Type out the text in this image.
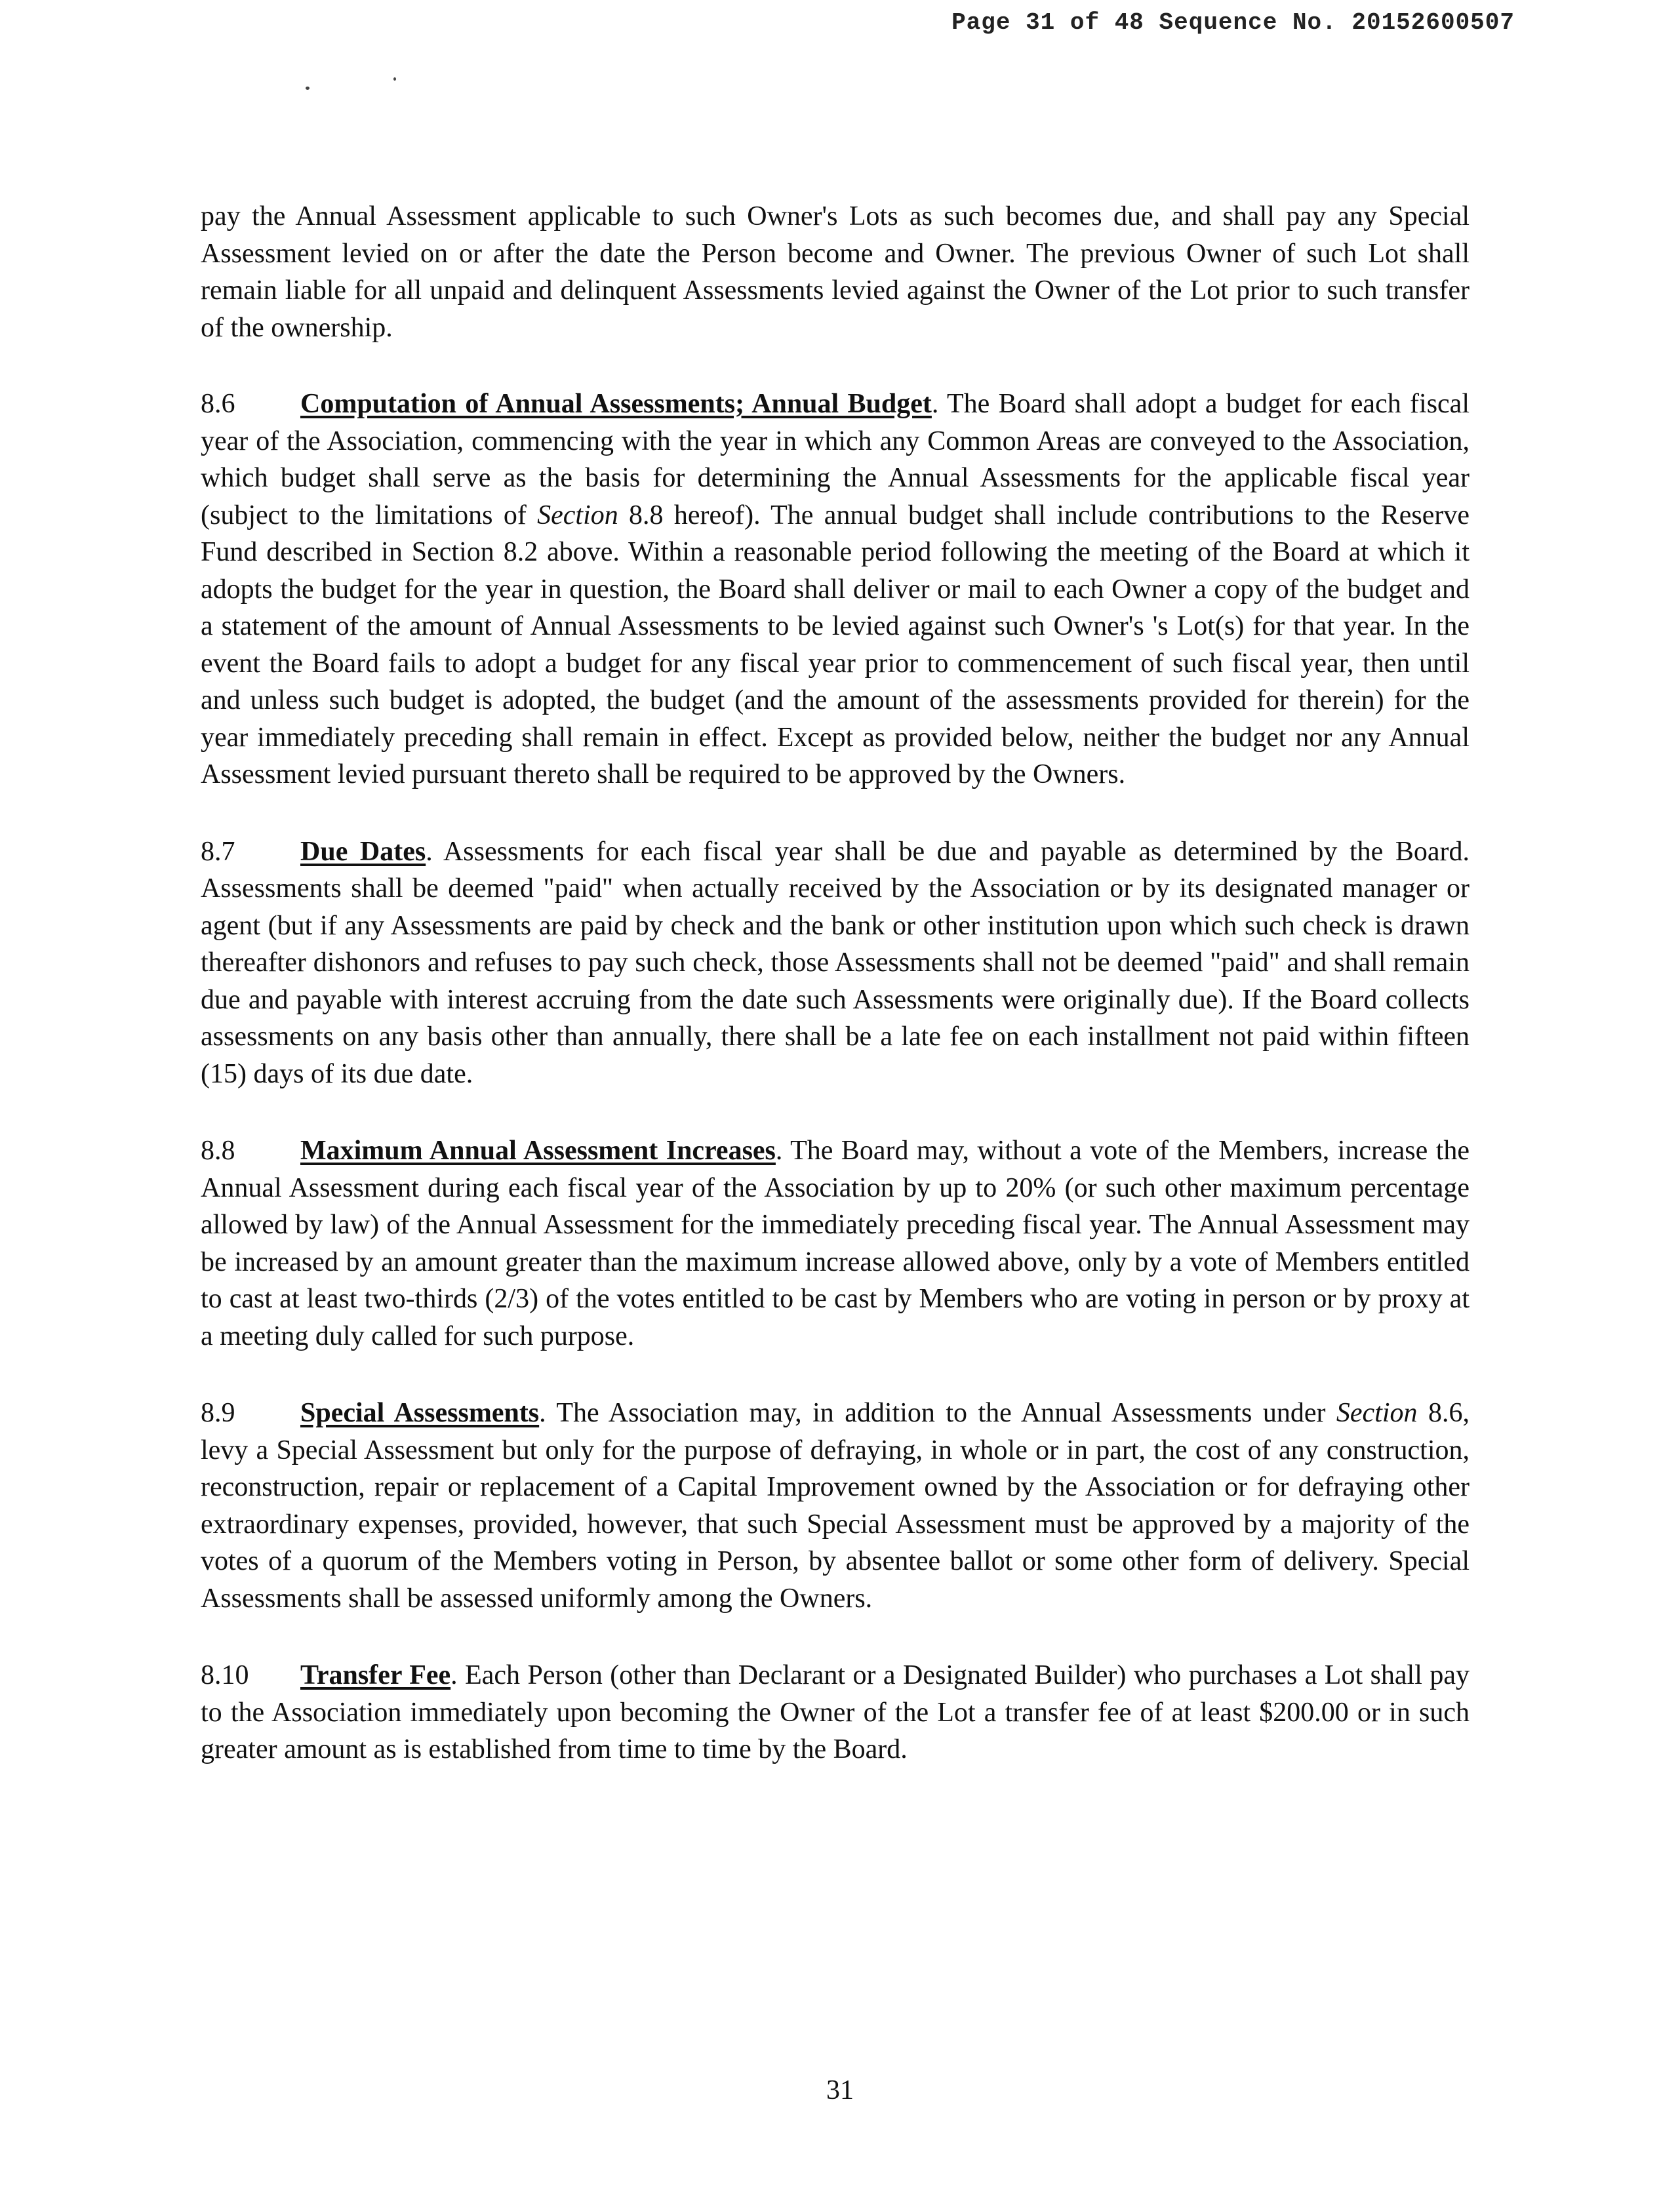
Page 31 of 48 Sequence No. 20152600507

pay the Annual Assessment applicable to such Owner's Lots as such becomes due, and shall pay any Special Assessment levied on or after the date the Person become and Owner. The previous Owner of such Lot shall remain liable for all unpaid and delinquent Assessments levied against the Owner of the Lot prior to such transfer of the ownership.

8.6 Computation of Annual Assessments; Annual Budget. The Board shall adopt a budget for each fiscal year of the Association, commencing with the year in which any Common Areas are conveyed to the Association, which budget shall serve as the basis for determining the Annual Assessments for the applicable fiscal year (subject to the limitations of Section 8.8 hereof). The annual budget shall include contributions to the Reserve Fund described in Section 8.2 above. Within a reasonable period following the meeting of the Board at which it adopts the budget for the year in question, the Board shall deliver or mail to each Owner a copy of the budget and a statement of the amount of Annual Assessments to be levied against such Owner's 's Lot(s) for that year. In the event the Board fails to adopt a budget for any fiscal year prior to commencement of such fiscal year, then until and unless such budget is adopted, the budget (and the amount of the assessments provided for therein) for the year immediately preceding shall remain in effect. Except as provided below, neither the budget nor any Annual Assessment levied pursuant thereto shall be required to be approved by the Owners.

8.7 Due Dates. Assessments for each fiscal year shall be due and payable as determined by the Board. Assessments shall be deemed "paid" when actually received by the Association or by its designated manager or agent (but if any Assessments are paid by check and the bank or other institution upon which such check is drawn thereafter dishonors and refuses to pay such check, those Assessments shall not be deemed "paid" and shall remain due and payable with interest accruing from the date such Assessments were originally due). If the Board collects assessments on any basis other than annually, there shall be a late fee on each installment not paid within fifteen (15) days of its due date.

8.8 Maximum Annual Assessment Increases. The Board may, without a vote of the Members, increase the Annual Assessment during each fiscal year of the Association by up to 20% (or such other maximum percentage allowed by law) of the Annual Assessment for the immediately preceding fiscal year. The Annual Assessment may be increased by an amount greater than the maximum increase allowed above, only by a vote of Members entitled to cast at least two-thirds (2/3) of the votes entitled to be cast by Members who are voting in person or by proxy at a meeting duly called for such purpose.

8.9 Special Assessments. The Association may, in addition to the Annual Assessments under Section 8.6, levy a Special Assessment but only for the purpose of defraying, in whole or in part, the cost of any construction, reconstruction, repair or replacement of a Capital Improvement owned by the Association or for defraying other extraordinary expenses, provided, however, that such Special Assessment must be approved by a majority of the votes of a quorum of the Members voting in Person, by absentee ballot or some other form of delivery. Special Assessments shall be assessed uniformly among the Owners.

8.10 Transfer Fee. Each Person (other than Declarant or a Designated Builder) who purchases a Lot shall pay to the Association immediately upon becoming the Owner of the Lot a transfer fee of at least $200.00 or in such greater amount as is established from time to time by the Board.

31
